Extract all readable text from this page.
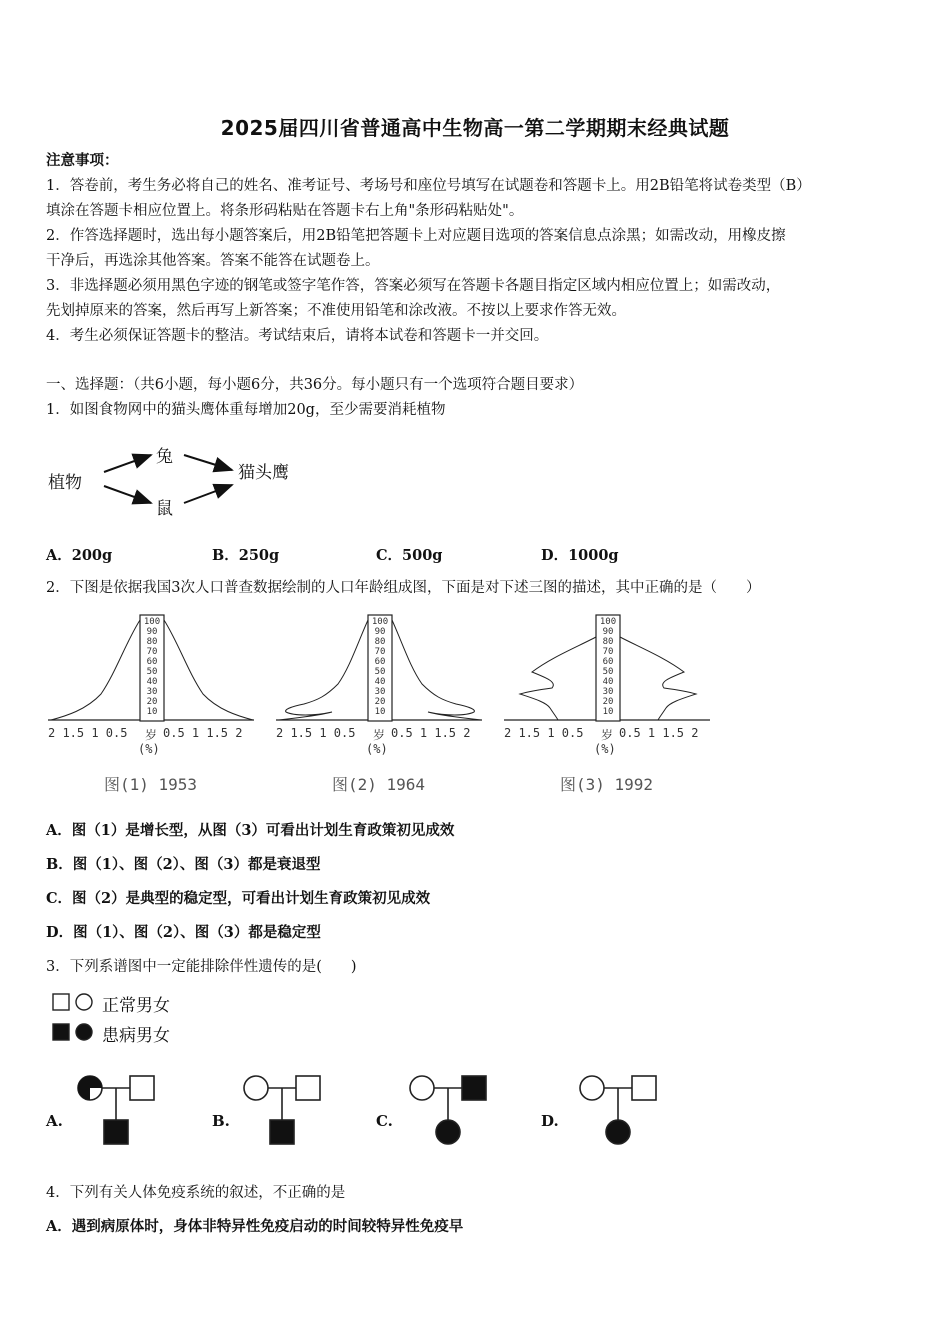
2025届四川省普通高中生物高一第二学期期末经典试题
注意事项：
1．答卷前，考生务必将自己的姓名、准考证号、考场号和座位号填写在试题卷和答题卡上。用2B铅笔将试卷类型（B）
填涂在答题卡相应位置上。将条形码粘贴在答题卡右上角"条形码粘贴处"。
2．作答选择题时，选出每小题答案后，用2B铅笔把答题卡上对应题目选项的答案信息点涂黑；如需改动，用橡皮擦
干净后，再选涂其他答案。答案不能答在试题卷上。
3．非选择题必须用黑色字迹的钢笔或签字笔作答，答案必须写在答题卡各题目指定区域内相应位置上；如需改动，
先划掉原来的答案，然后再写上新答案；不准使用铅笔和涂改液。不按以上要求作答无效。
4．考生必须保证答题卡的整洁。考试结束后，请将本试卷和答题卡一并交回。
一、选择题：（共6小题，每小题6分，共36分。每小题只有一个选项符合题目要求）
1．如图食物网中的猫头鹰体重每增加20g，至少需要消耗植物
植物
兔
鼠
猫头鹰
A．200g	B．250g	C．500g	D．1000g
2．下图是依据我国3次人口普查数据绘制的人口年龄组成图，下面是对下述三图的描述，其中正确的是（　　）
100
90
80
70
60
50
40
30
20
10
2 1.5 1 0.5 岁 0.5 1 1.5 2
(%)
图(1) 1953
100
90
80
70
60
50
40
30
20
10
2 1.5 1 0.5 岁 0.5 1 1.5 2
(%)
图(2) 1964
100
90
80
70
60
50
40
30
20
10
2 1.5 1 0.5 岁 0.5 1 1.5 2
(%)
图(3) 1992
A．图（1）是增长型，从图（3）可看出计划生育政策初见成效
B．图（1）、图（2）、图（3）都是衰退型
C．图（2）是典型的稳定型，可看出计划生育政策初见成效
D．图（1）、图（2）、图（3）都是稳定型
3．下列系谱图中一定能排除伴性遗传的是(　　)
正常男女
患病男女
A.	B.	C.	D.
4．下列有关人体免疫系统的叙述，不正确的是
A．遇到病原体时，身体非特异性免疫启动的时间较特异性免疫早
